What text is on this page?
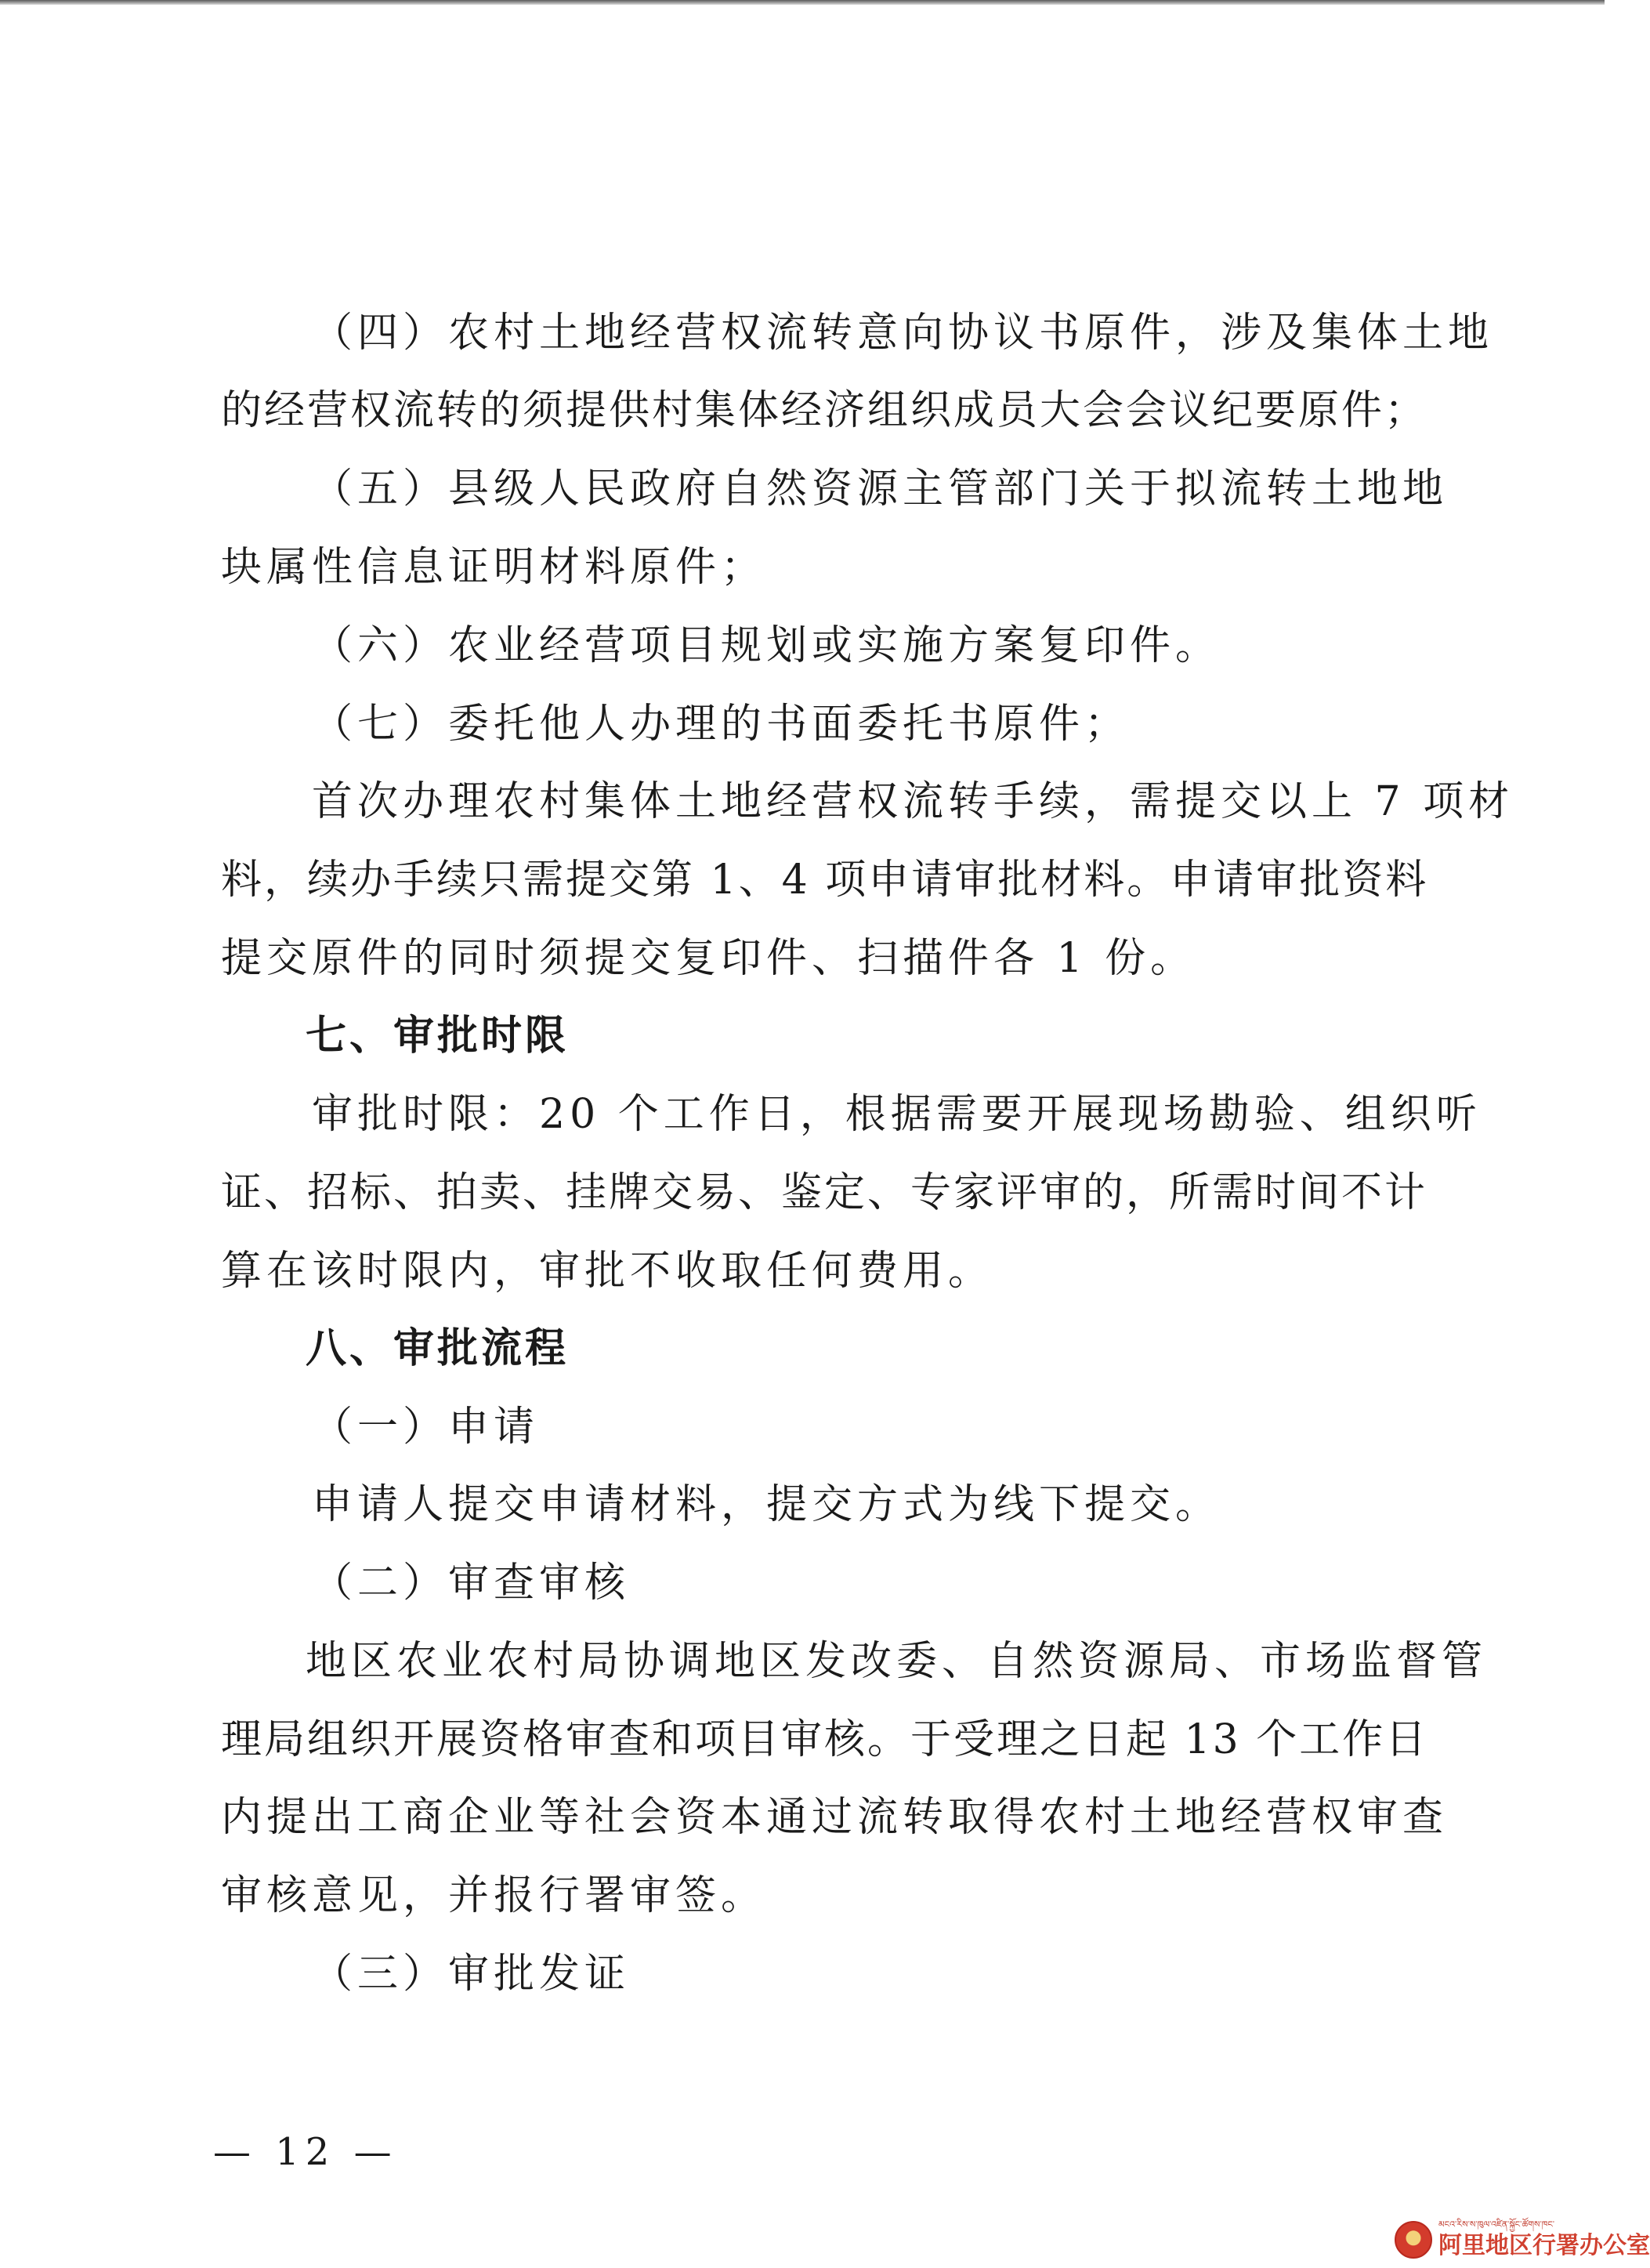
（四）农村土地经营权流转意向协议书原件，涉及集体土地
的经营权流转的须提供村集体经济组织成员大会会议纪要原件；
（五）县级人民政府自然资源主管部门关于拟流转土地地
块属性信息证明材料原件；
（六）农业经营项目规划或实施方案复印件。
（七）委托他人办理的书面委托书原件；
首次办理农村集体土地经营权流转手续，需提交以上 7 项材
料，续办手续只需提交第 1、4 项申请审批材料。申请审批资料
提交原件的同时须提交复印件、扫描件各 1 份。
七、审批时限
审批时限：20 个工作日，根据需要开展现场勘验、组织听
证、招标、拍卖、挂牌交易、鉴定、专家评审的，所需时间不计
算在该时限内，审批不收取任何费用。
八、审批流程
（一）申请
申请人提交申请材料，提交方式为线下提交。
（二）审查审核
地区农业农村局协调地区发改委、自然资源局、市场监督管
理局组织开展资格审查和项目审核。于受理之日起 13 个工作日
内提出工商企业等社会资本通过流转取得农村土地经营权审查
审核意见，并报行署审签。
（三）审批发证
— 12 —
མངའ་རིས་ས་ཁུལ་འཛིན་སྐྱོང་ཚོགས་ཁང་
阿里地区行署办公室
